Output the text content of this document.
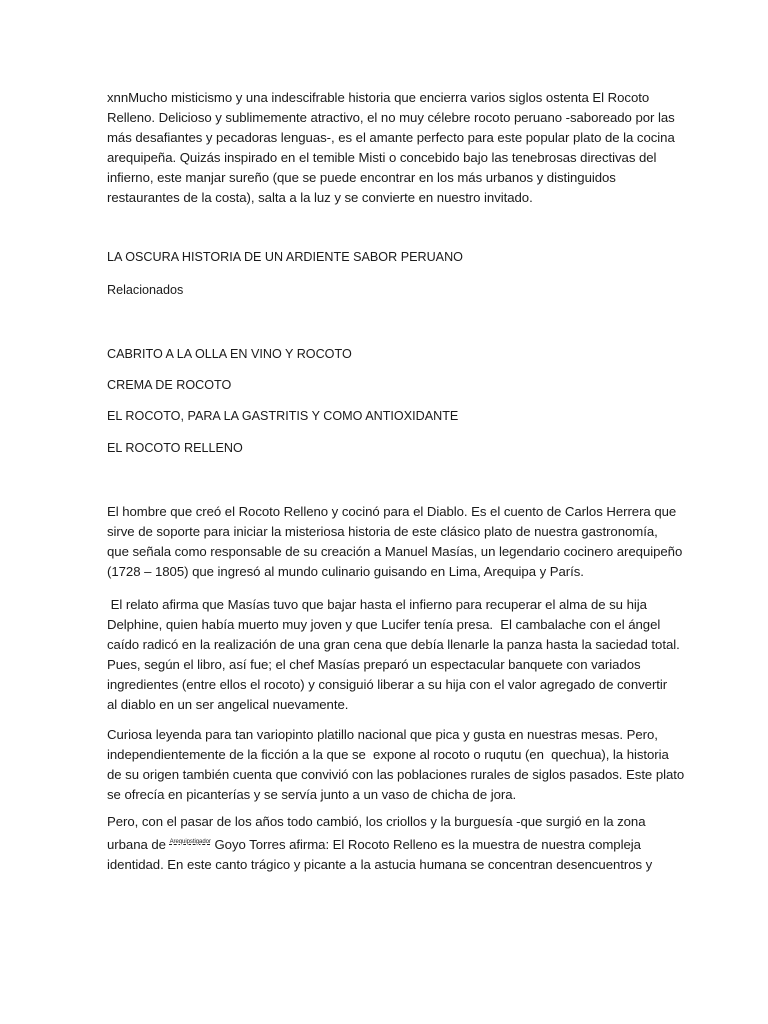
xnnMucho misticismo y una indescifrable historia que encierra varios siglos ostenta El Rocoto
Relleno. Delicioso y sublimemente atractivo, el no muy célebre rocoto peruano -saboreado por las
más desafiantes y pecadoras lenguas-, es el amante perfecto para este popular plato de la cocina
arequipeña. Quizás inspirado en el temible Misti o concebido bajo las tenebrosas directivas del
infierno, este manjar sureño (que se puede encontrar en los más urbanos y distinguidos
restaurantes de la costa), salta a la luz y se convierte en nuestro invitado.

LA OSCURA HISTORIA DE UN ARDIENTE SABOR PERUANO

Relacionados

CABRITO A LA OLLA EN VINO Y ROCOTO

CREMA DE ROCOTO

EL ROCOTO, PARA LA GASTRITIS Y COMO ANTIOXIDANTE

EL ROCOTO RELLENO

El hombre que creó el Rocoto Relleno y cocinó para el Diablo. Es el cuento de Carlos Herrera que
sirve de soporte para iniciar la misteriosa historia de este clásico plato de nuestra gastronomía,
que señala como responsable de su creación a Manuel Masías, un legendario cocinero arequipeño
(1728 – 1805) que ingresó al mundo culinario guisando en Lima, Arequipa y París.

El relato afirma que Masías tuvo que bajar hasta el infierno para recuperar el alma de su hija
Delphine, quien había muerto muy joven y que Lucifer tenía presa.  El cambalache con el ángel
caído radicó en la realización de una gran cena que debía llenarle la panza hasta la saciedad total.
Pues, según el libro, así fue; el chef Masías preparó un espectacular banquete con variados
ingredientes (entre ellos el rocoto) y consiguió liberar a su hija con el valor agregado de convertir
al diablo en un ser angelical nuevamente.

Curiosa leyenda para tan variopinto platillo nacional que pica y gusta en nuestras mesas. Pero,
independientemente de la ficción a la que se  expone al rocoto o ruqutu (en  quechua), la historia
de su origen también cuenta que convivió con las poblaciones rurales de siglos pasados. Este plato
se ofrecía en picanterías y se servía junto a un vaso de chicha de jora.

Pero, con el pasar de los años todo cambió, los criollos y la burguesía -que surgió en la zona
urbana de $^{Arequipstigador}$ Goyo Torres afirma: El Rocoto Relleno es la muestra de nuestra compleja
identidad. En este canto trágico y picante a la astucia humana se concentran desencuentros y
